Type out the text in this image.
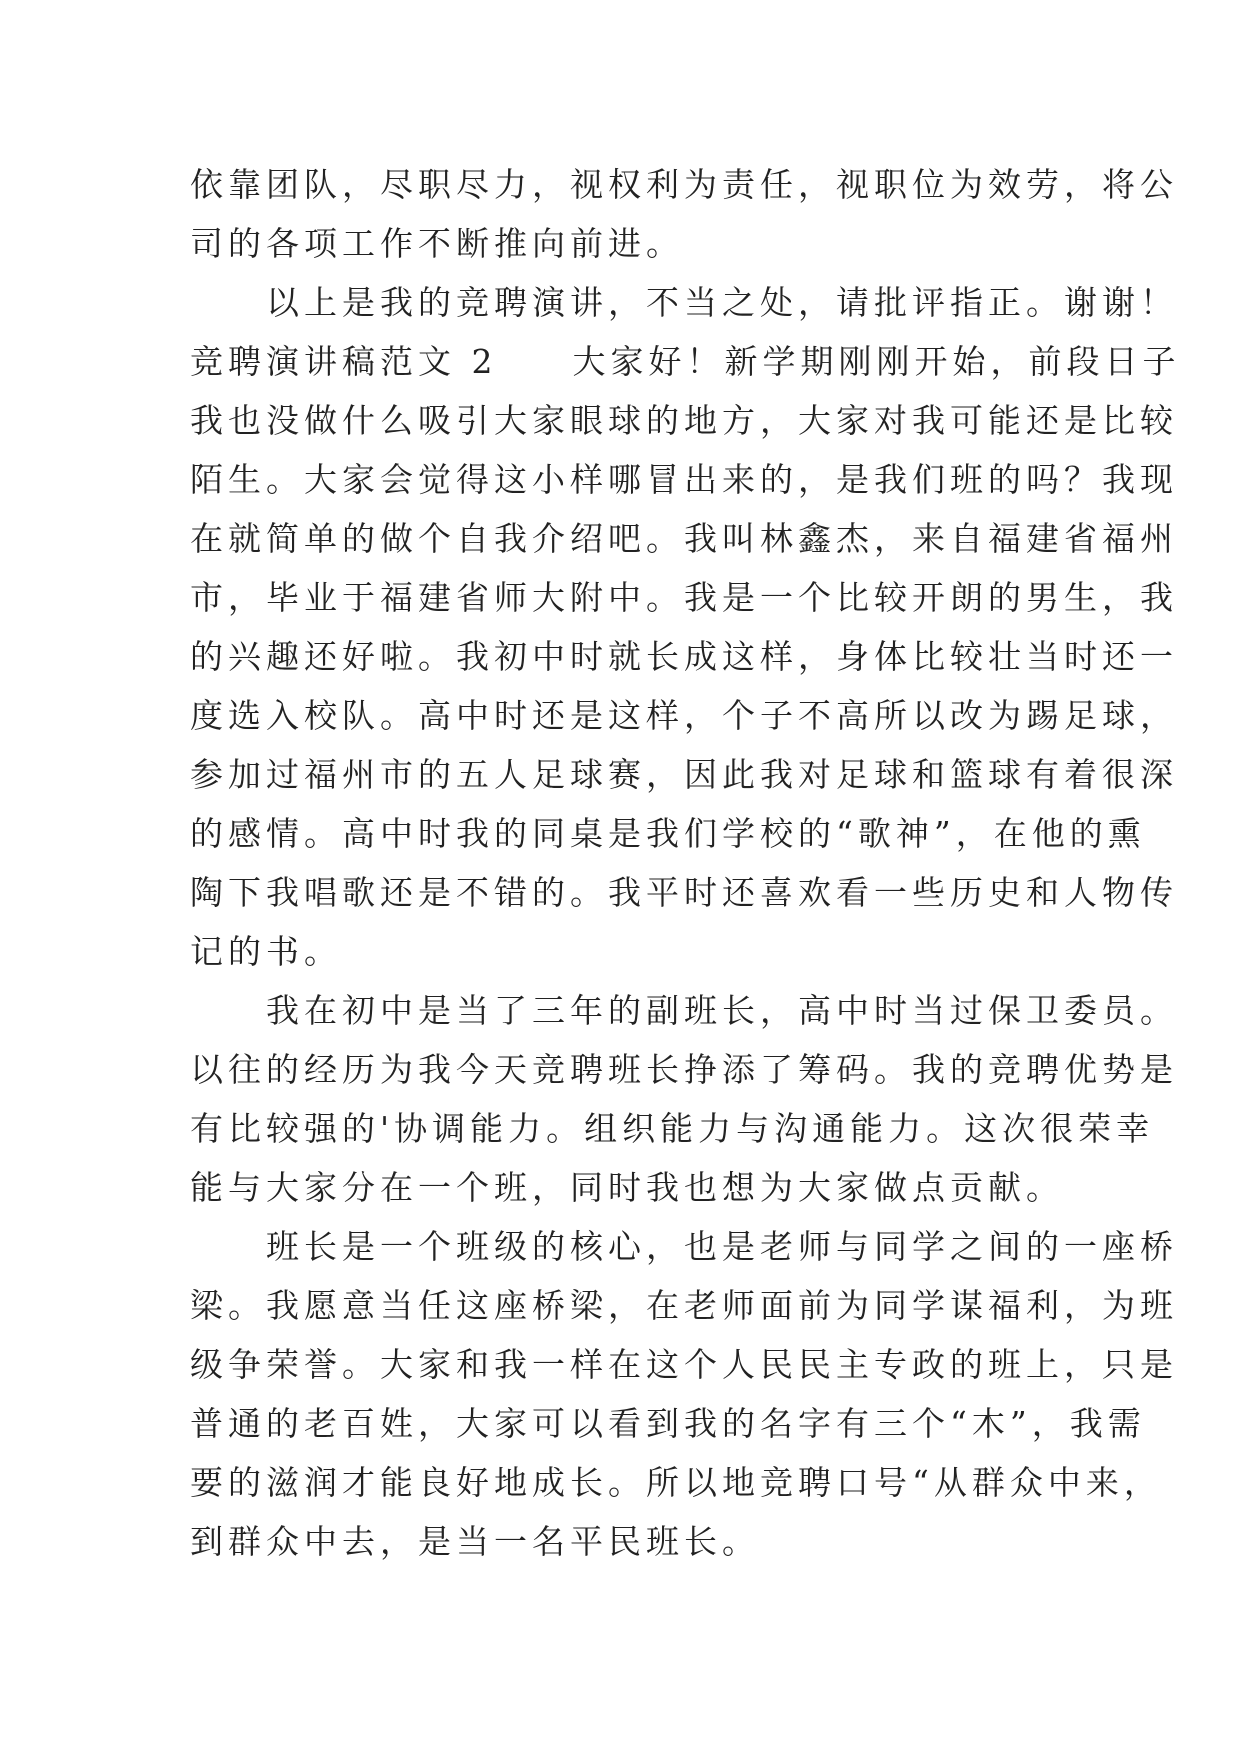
依靠团队，尽职尽力，视权利为责任，视职位为效劳，将公
司的各项工作不断推向前进。
以上是我的竞聘演讲，不当之处，请批评指正。谢谢！
竞聘演讲稿范文 2 大家好！新学期刚刚开始，前段日子
我也没做什么吸引大家眼球的地方，大家对我可能还是比较
陌生。大家会觉得这小样哪冒出来的，是我们班的吗？我现
在就简单的做个自我介绍吧。我叫林鑫杰，来自福建省福州
市，毕业于福建省师大附中。我是一个比较开朗的男生，我
的兴趣还好啦。我初中时就长成这样，身体比较壮当时还一
度选入校队。高中时还是这样，个子不高所以改为踢足球，
参加过福州市的五人足球赛，因此我对足球和篮球有着很深
的感情。高中时我的同桌是我们学校的“歌神”，在他的熏
陶下我唱歌还是不错的。我平时还喜欢看一些历史和人物传
记的书。
我在初中是当了三年的副班长，高中时当过保卫委员。
以往的经历为我今天竞聘班长挣添了筹码。我的竞聘优势是
有比较强的'协调能力。组织能力与沟通能力。这次很荣幸
能与大家分在一个班，同时我也想为大家做点贡献。
班长是一个班级的核心，也是老师与同学之间的一座桥
梁。我愿意当任这座桥梁，在老师面前为同学谋福利，为班
级争荣誉。大家和我一样在这个人民民主专政的班上，只是
普通的老百姓，大家可以看到我的名字有三个“木”，我需
要的滋润才能良好地成长。所以地竞聘口号“从群众中来，
到群众中去，是当一名平民班长。
